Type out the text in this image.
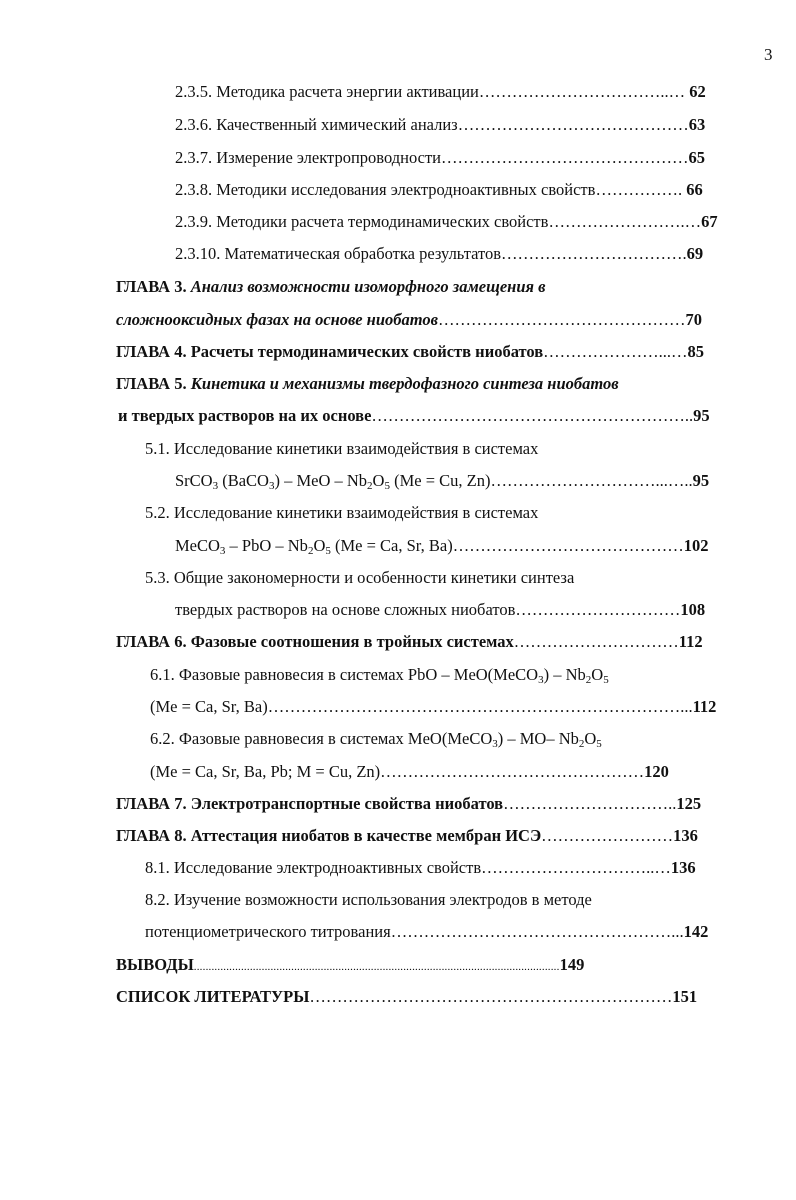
3
2.3.5. Методика расчета энергии активации……………………………..… 62
2.3.6. Качественный химический анализ……………………………………63
2.3.7. Измерение электропроводности………………………………………65
2.3.8. Методики исследования электродноактивных свойств……………. 66
2.3.9. Методики расчета термодинамических свойств…………………….…67
2.3.10. Математическая обработка результатов…………………………….69
ГЛАВА 3. Анализ возможности изоморфного замещения в
сложнооксидных фазах на основе ниобатов………………………………………70
ГЛАВА 4. Расчеты термодинамических свойств ниобатов…………………...…85
ГЛАВА 5. Кинетика и механизмы твердофазного синтеза ниобатов
и твердых растворов на их основе…………………………………………………..95
5.1. Исследование кинетики взаимодействия в системах
SrCO$_3$ (BaCO$_3$) – MeO – $Nb_2O_5$ (Me = Cu, Zn)…………………………...…..95
5.2. Исследование кинетики взаимодействия в системах
MeCO$_3$ – PbO – $Nb_2O_5$ (Me = Ca, Sr, Ba)……………………………………102
5.3. Общие закономерности и особенности кинетики синтеза
твердых растворов на основе сложных ниобатов…………………………108
ГЛАВА 6. Фазовые соотношения в тройных системах…………………………112
6.1. Фазовые равновесия в системах PbO – MeO(MeCO$_3$) – $Nb_2O_5$
(Me = Ca, Sr, Ba)…………………………………………………………………...112
6.2. Фазовые равновесия в системах MeO(MeCO$_3$) – MO– $Nb_2O_5$
(Me = Ca, Sr, Ba, Pb; M = Cu, Zn)…………………………………………120
ГЛАВА 7. Электротранспортные свойства ниобатов…………………………..125
ГЛАВА 8. Аттестация ниобатов в качестве мембран ИСЭ……………………136
8.1. Исследование электродноактивных свойств…………………………..…136
8.2. Изучение возможности использования электродов в методе
потенциометрического титрования……………………………………………...142
ВЫВОДЫ............................................................................................................................149
СПИСОК ЛИТЕРАТУРЫ…………………………………………………………151
